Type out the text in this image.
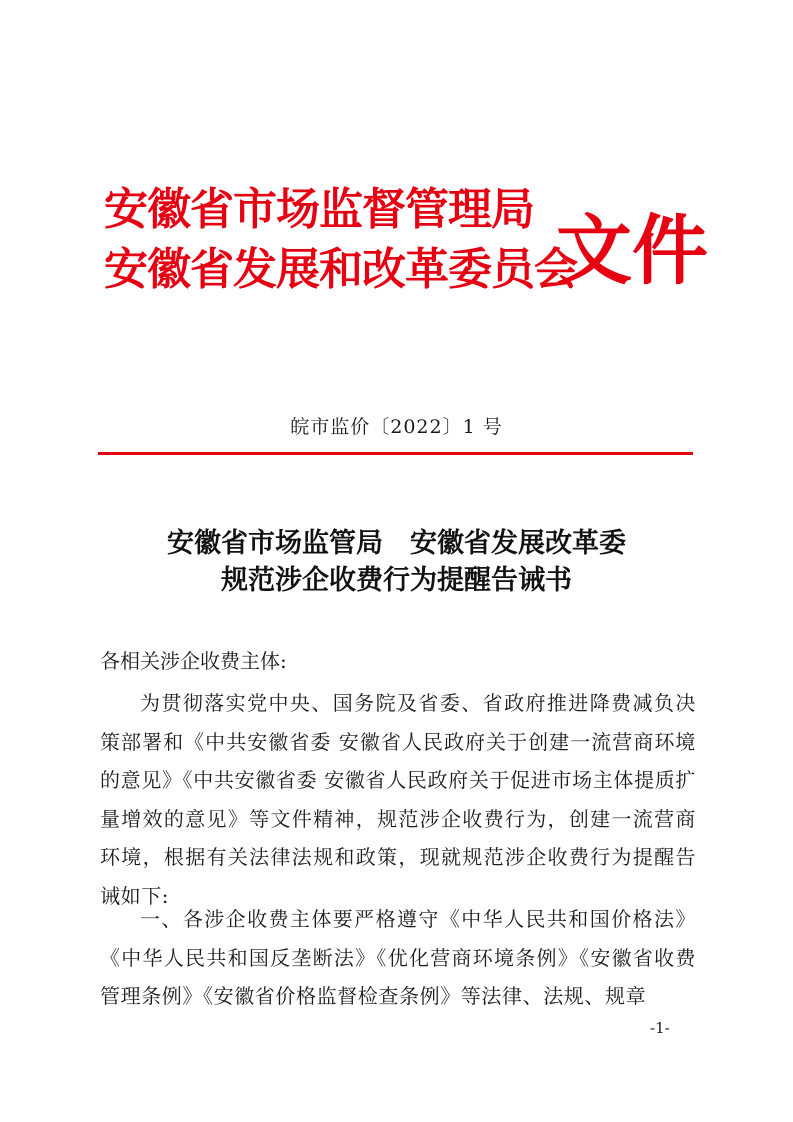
安徽省市场监督管理局
安徽省发展和改革委员会
文件
皖市监价〔2022〕1 号
安徽省市场监管局　安徽省发展改革委
规范涉企收费行为提醒告诫书
各相关涉企收费主体:

为贯彻落实党中央、国务院及省委、省政府推进降费减负决策部署和《中共安徽省委 安徽省人民政府关于创建一流营商环境的意见》《中共安徽省委 安徽省人民政府关于促进市场主体提质扩量增效的意见》等文件精神，规范涉企收费行为，创建一流营商环境，根据有关法律法规和政策，现就规范涉企收费行为提醒告诫如下:

一、各涉企收费主体要严格遵守《中华人民共和国价格法》《中华人民共和国反垄断法》《优化营商环境条例》《安徽省收费管理条例》《安徽省价格监督检查条例》等法律、法规、规章

-1-
